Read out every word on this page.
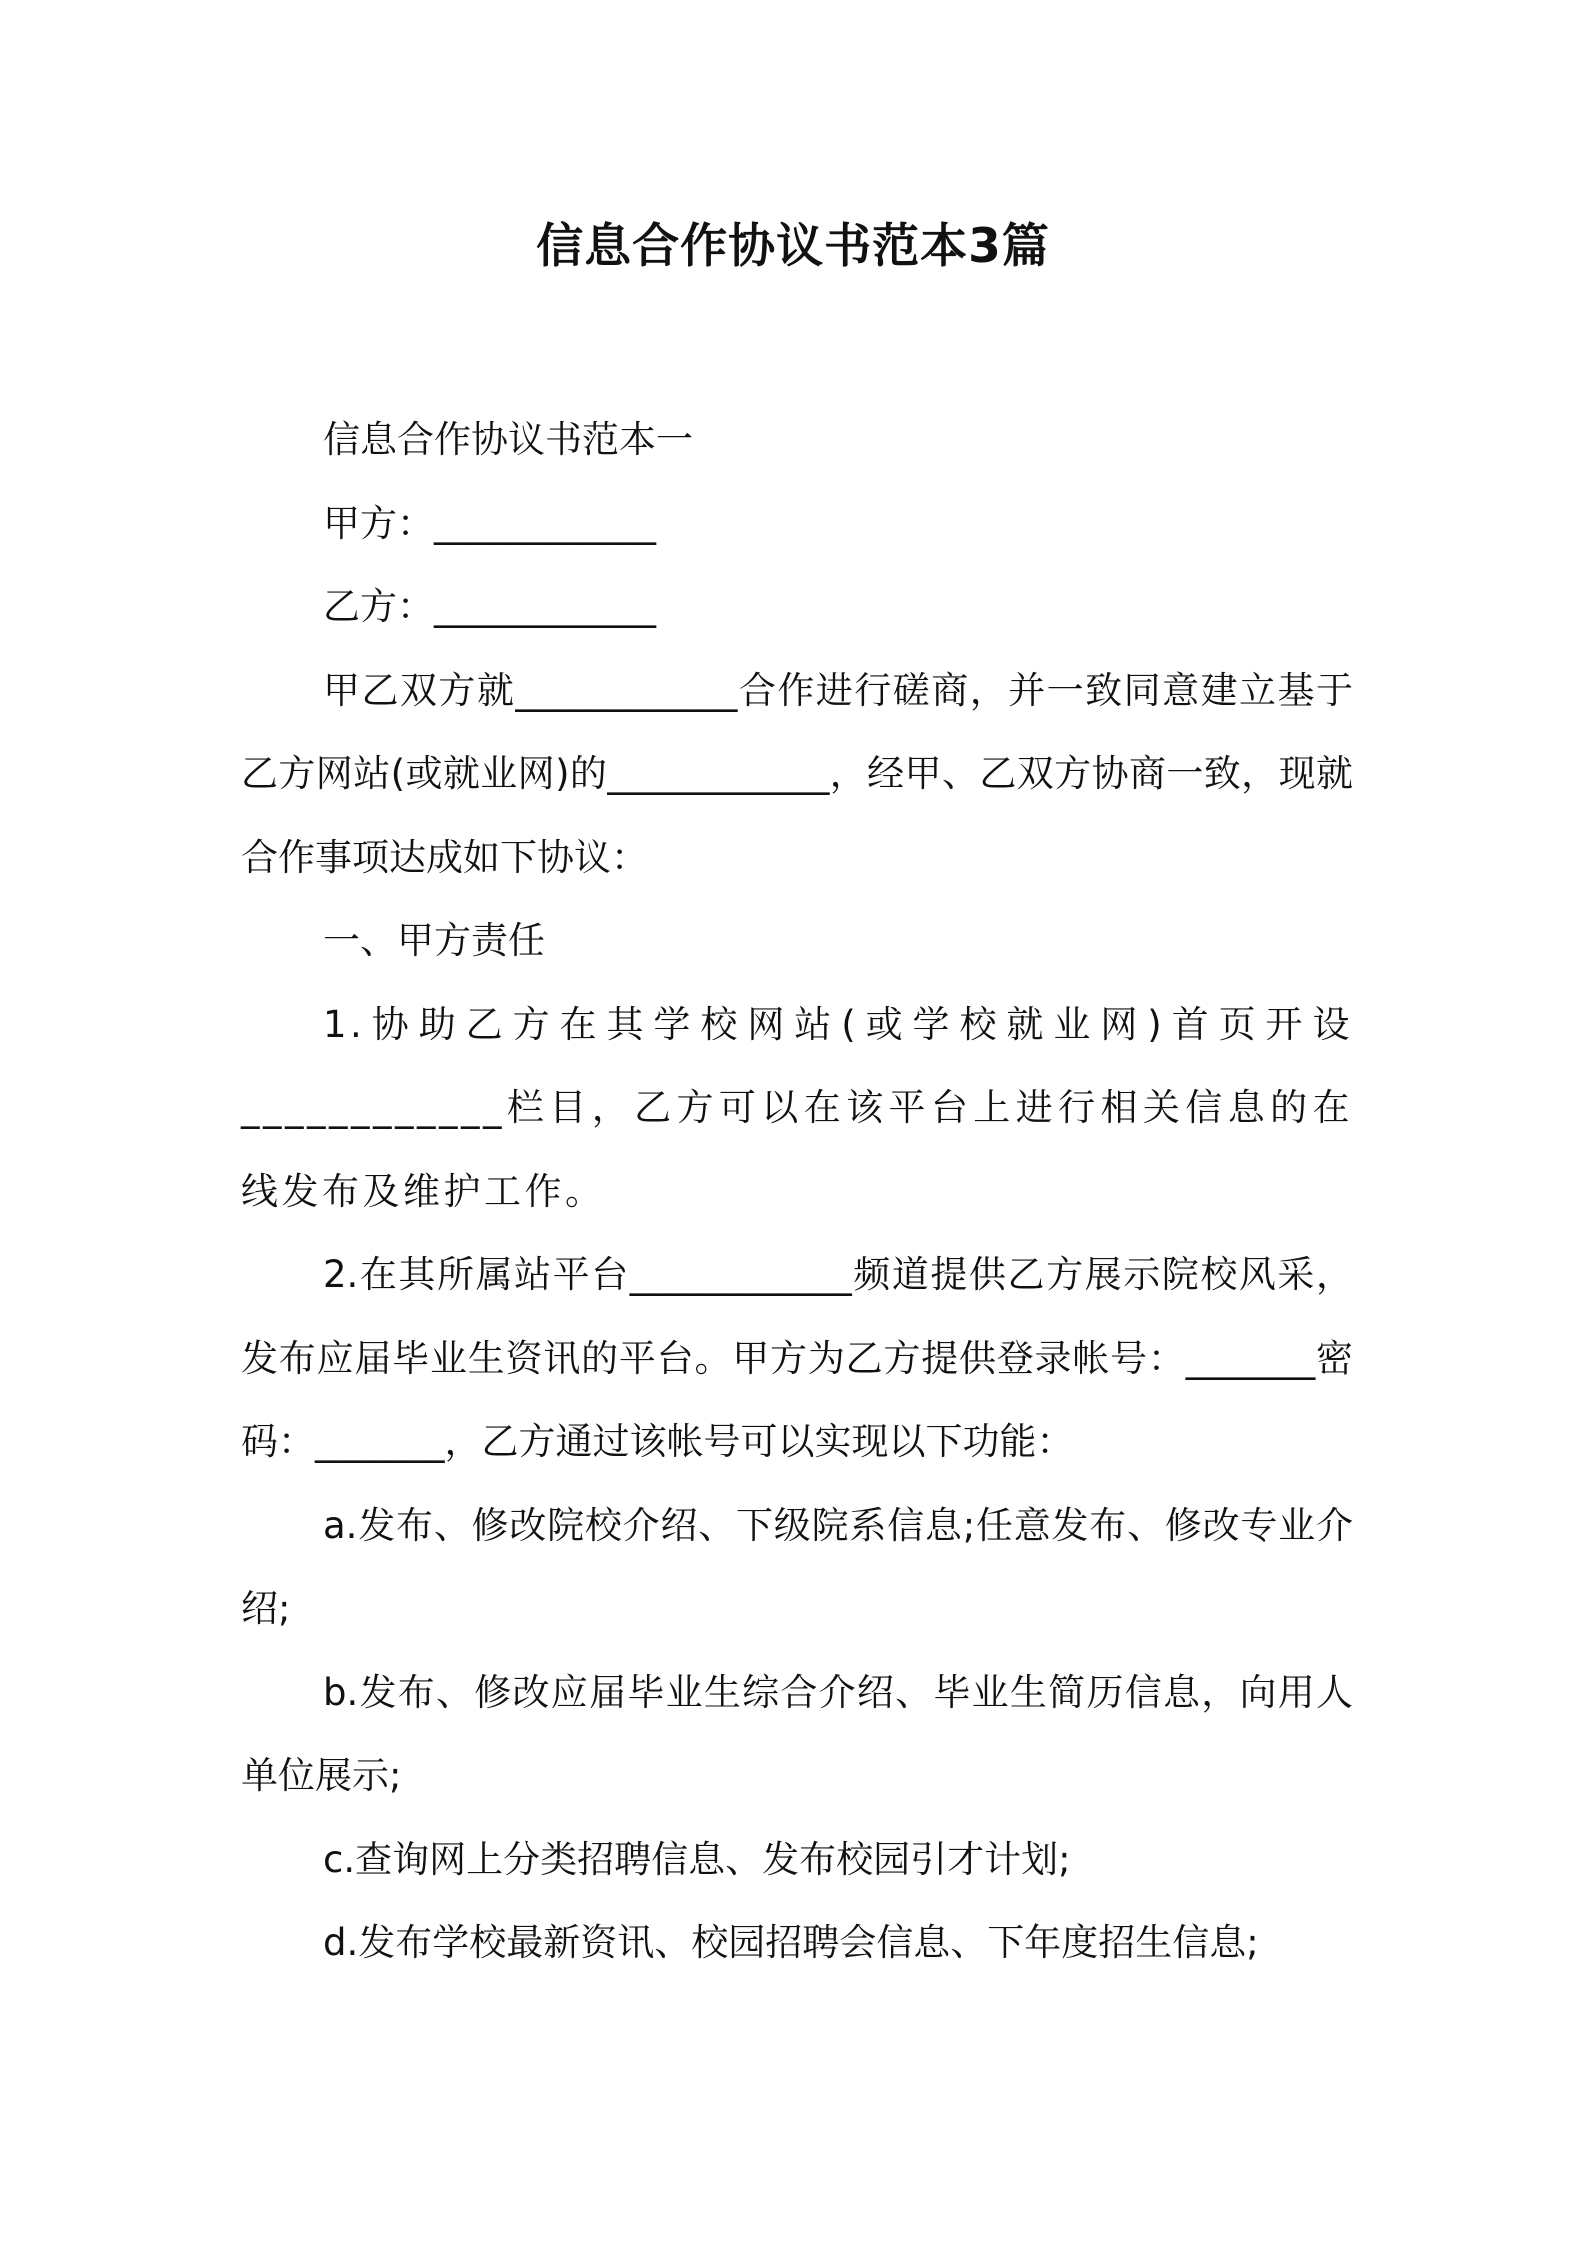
信息合作协议书范本3篇

信息合作协议书范本一

甲方：____________

乙方：____________

甲乙双方就____________合作进行磋商，并一致同意建立基于乙方网站(或就业网)的____________，经甲、乙双方协商一致，现就合作事项达成如下协议：

一、甲方责任

1.协助乙方在其学校网站(或学校就业网)首页开设____________栏目，乙方可以在该平台上进行相关信息的在线发布及维护工作。

2.在其所属站平台____________频道提供乙方展示院校风采，发布应届毕业生资讯的平台。甲方为乙方提供登录帐号：_______密码：_______，乙方通过该帐号可以实现以下功能：

a.发布、修改院校介绍、下级院系信息;任意发布、修改专业介绍;

b.发布、修改应届毕业生综合介绍、毕业生简历信息，向用人单位展示;

c.查询网上分类招聘信息、发布校园引才计划;

d.发布学校最新资讯、校园招聘会信息、下年度招生信息;
